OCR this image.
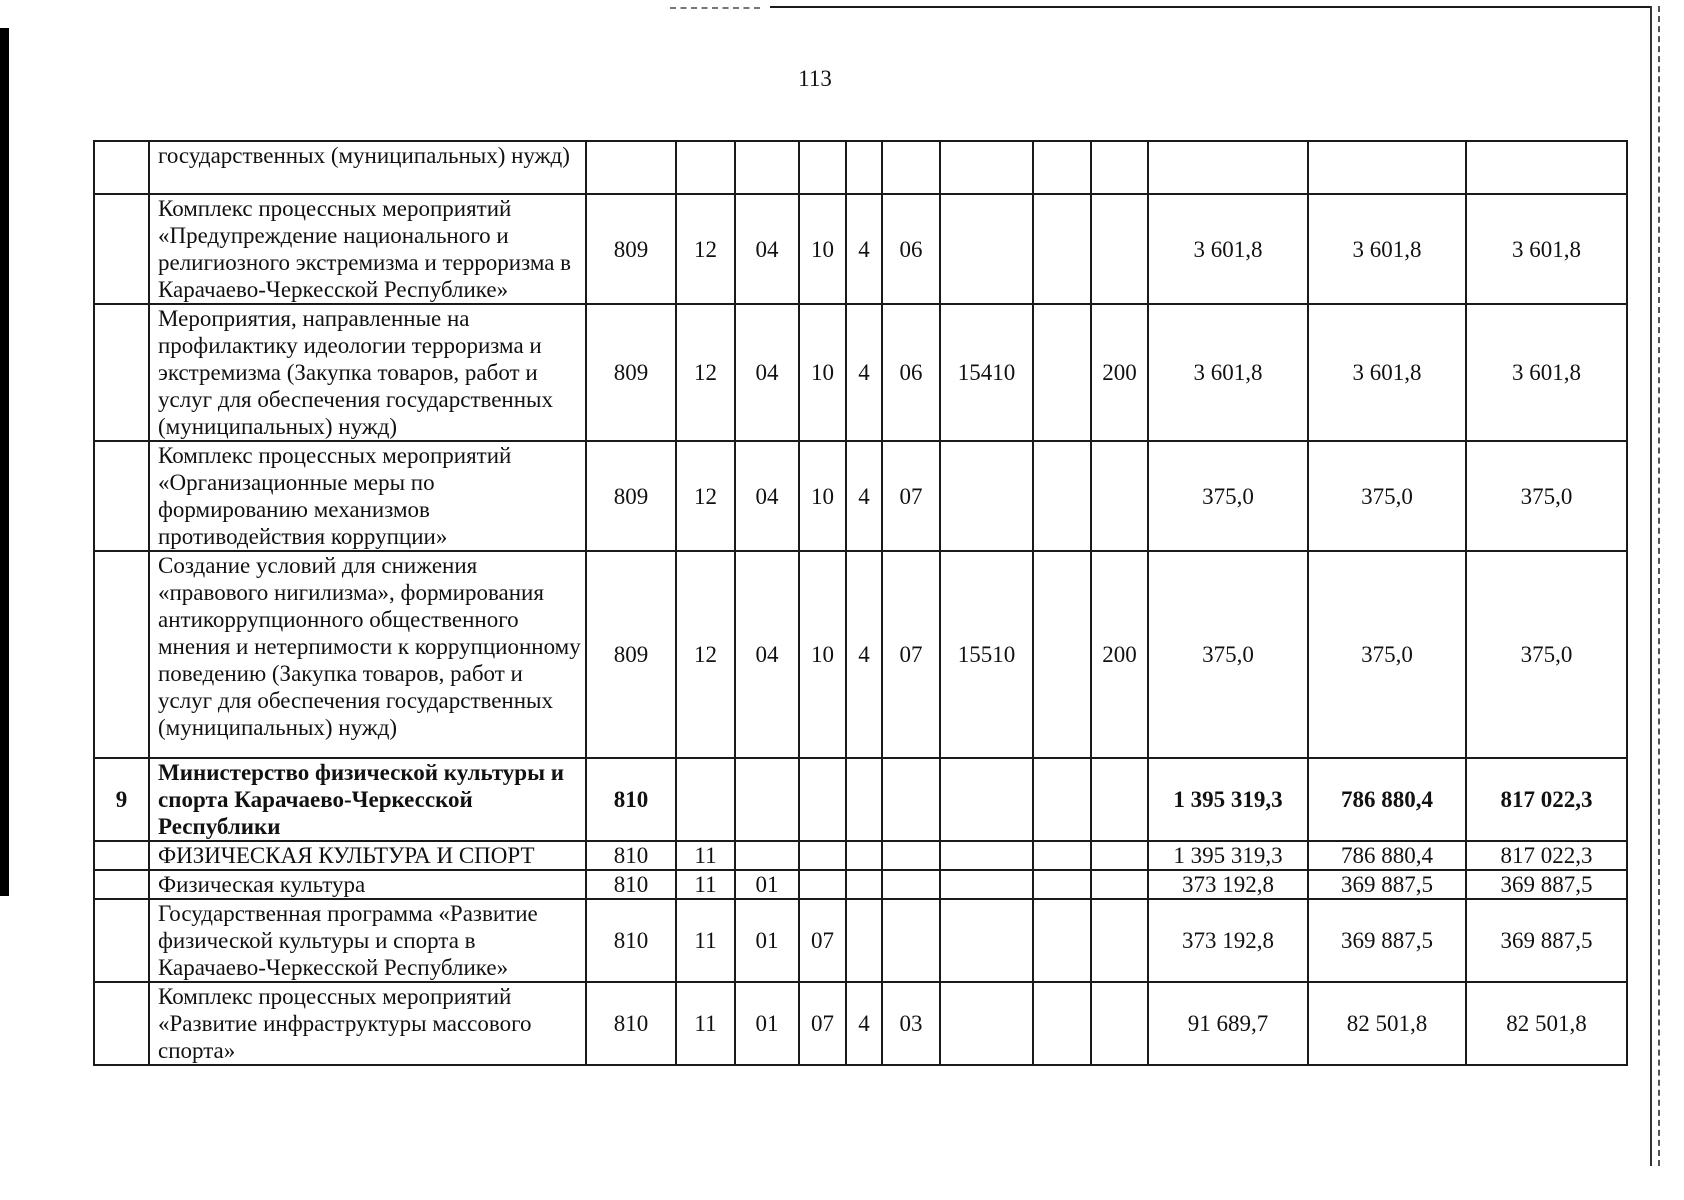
113
	государственных (муниципальных) нужд)												
	Комплекс процессных мероприятий «Предупреждение национального и религиозного экстремизма и терроризма в Карачаево-Черкесской Республике»	809	12	04	10	4	06				3 601,8	3 601,8	3 601,8
	Мероприятия, направленные на профилактику идеологии терроризма и экстремизма (Закупка товаров, работ и услуг для обеспечения государственных (муниципальных) нужд)	809	12	04	10	4	06	15410		200	3 601,8	3 601,8	3 601,8
	Комплекс процессных мероприятий «Организационные меры по формированию механизмов противодействия коррупции»	809	12	04	10	4	07				375,0	375,0	375,0
	Создание условий для снижения «правового нигилизма», формирования антикоррупционного общественного мнения и нетерпимости к коррупционному поведению (Закупка товаров, работ и услуг для обеспечения государственных (муниципальных) нужд)	809	12	04	10	4	07	15510		200	375,0	375,0	375,0
9	Министерство физической культуры и спорта Карачаево-Черкесской Республики	810									1 395 319,3	786 880,4	817 022,3
	ФИЗИЧЕСКАЯ КУЛЬТУРА И СПОРТ	810	11								1 395 319,3	786 880,4	817 022,3
	Физическая культура	810	11	01							373 192,8	369 887,5	369 887,5
	Государственная программа «Развитие физической культуры и спорта в Карачаево-Черкесской Республике»	810	11	01	07						373 192,8	369 887,5	369 887,5
	Комплекс процессных мероприятий «Развитие инфраструктуры массового спорта»	810	11	01	07	4	03				91 689,7	82 501,8	82 501,8
